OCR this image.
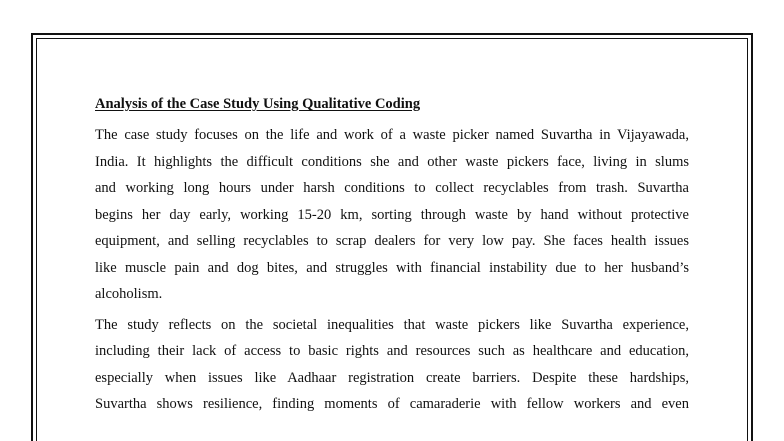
Analysis of the Case Study Using Qualitative Coding
The case study focuses on the life and work of a waste picker named Suvartha in Vijayawada,
India. It highlights the difficult conditions she and other waste pickers face, living in slums
and working long hours under harsh conditions to collect recyclables from trash. Suvartha
begins her day early, working 15-20 km, sorting through waste by hand without protective
equipment, and selling recyclables to scrap dealers for very low pay. She faces health issues
like muscle pain and dog bites, and struggles with financial instability due to her husband’s
alcoholism.
The study reflects on the societal inequalities that waste pickers like Suvartha experience,
including their lack of access to basic rights and resources such as healthcare and education,
especially when issues like Aadhaar registration create barriers. Despite these hardships,
Suvartha shows resilience, finding moments of camaraderie with fellow workers and even
